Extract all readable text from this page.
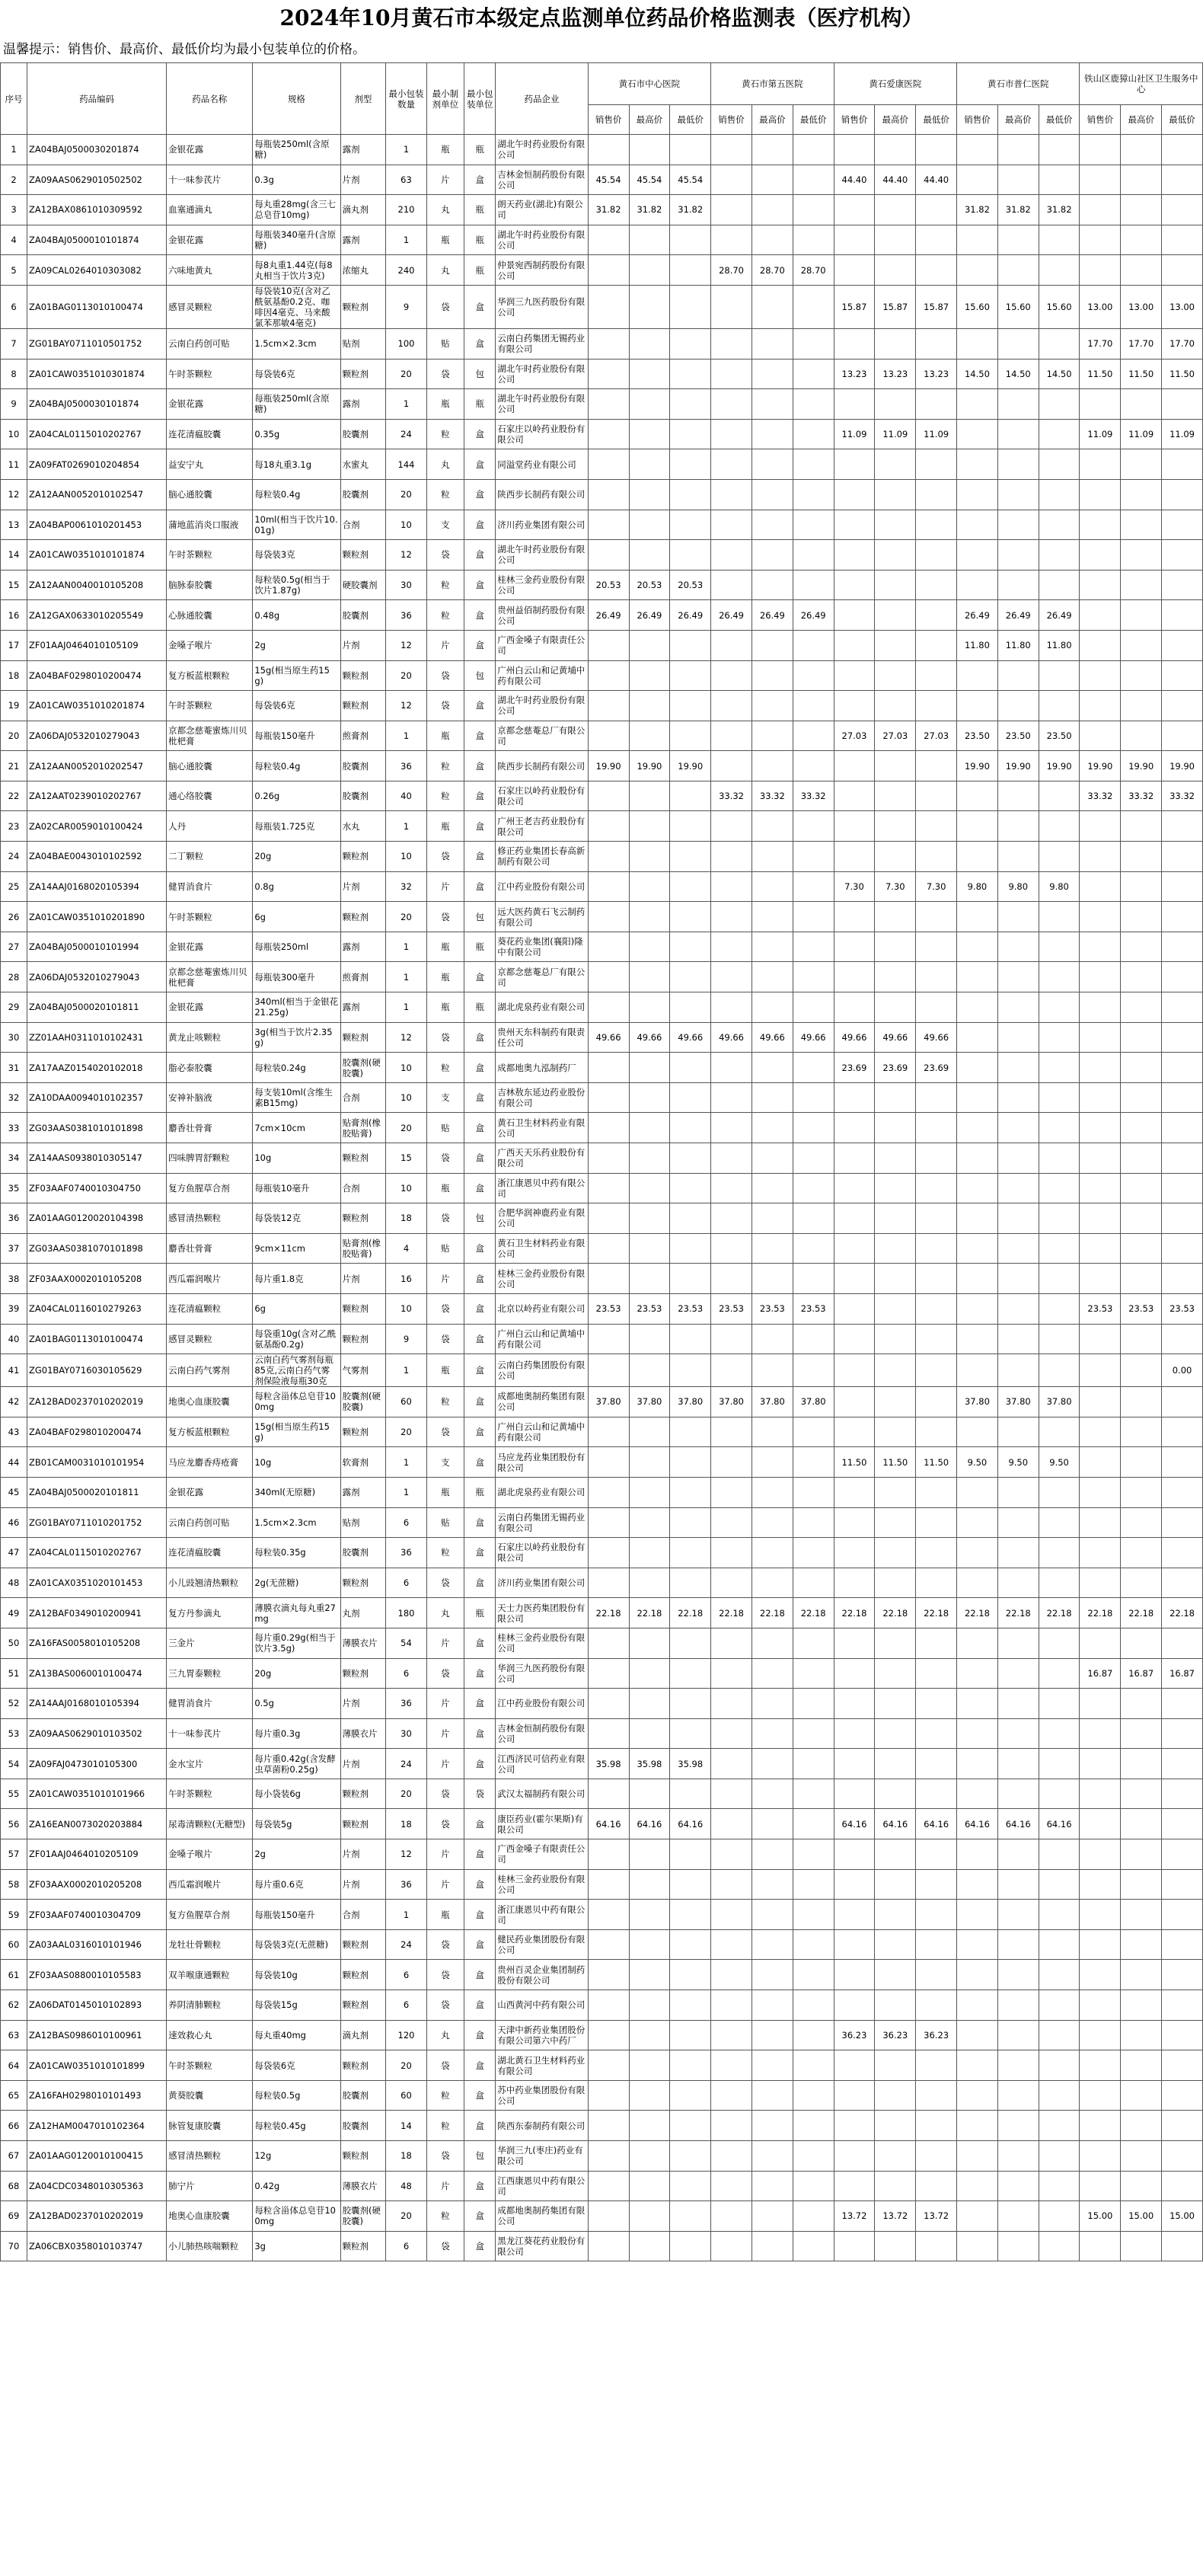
2024年10月黄石市本级定点监测单位药品价格监测表（医疗机构）
温馨提示：销售价、最高价、最低价均为最小包装单位的价格。
序号	药品编码	药品名称	规格	剂型	最小包装数量	最小制剂单位	最小包装单位	药品企业	黄石市中心医院			黄石市第五医院			黄石爱康医院			黄石市普仁医院			铁山区鹿獐山社区卫生服务中心		
									销售价	最高价	最低价	销售价	最高价	最低价	销售价	最高价	最低价	销售价	最高价	最低价	销售价	最高价	最低价
1	ZA04BAJ0500030201874	金银花露	每瓶装250ml(含原糖)	露剂	1	瓶	瓶	湖北午时药业股份有限公司															
2	ZA09AAS0629010502502	十一味参芪片	0.3g	片剂	63	片	盒	吉林金恒制药股份有限公司	45.54	45.54	45.54				44.40	44.40	44.40						
3	ZA12BAX0861010309592	血塞通滴丸	每丸重28mg(含三七总皂苷10mg)	滴丸剂	210	丸	瓶	朗天药业(湖北)有限公司	31.82	31.82	31.82							31.82	31.82	31.82			
4	ZA04BAJ0500010101874	金银花露	每瓶装340毫升(含原糖)	露剂	1	瓶	瓶	湖北午时药业股份有限公司															
5	ZA09CAL0264010303082	六味地黄丸	每8丸重1.44克(每8丸相当于饮片3克)	浓缩丸	240	丸	瓶	仲景宛西制药股份有限公司				28.70	28.70	28.70									
6	ZA01BAG0113010100474	感冒灵颗粒	每袋装10克(含对乙酰氨基酚0.2克、咖啡因4毫克、马来酸氯苯那敏4毫克)	颗粒剂	9	袋	盒	华润三九医药股份有限公司							15.87	15.87	15.87	15.60	15.60	15.60	13.00	13.00	13.00
7	ZG01BAY0711010501752	云南白药创可贴	1.5cm×2.3cm	贴剂	100	贴	盒	云南白药集团无锡药业有限公司													17.70	17.70	17.70
8	ZA01CAW0351010301874	午时茶颗粒	每袋装6克	颗粒剂	20	袋	包	湖北午时药业股份有限公司							13.23	13.23	13.23	14.50	14.50	14.50	11.50	11.50	11.50
9	ZA04BAJ0500030101874	金银花露	每瓶装250ml(含原糖)	露剂	1	瓶	瓶	湖北午时药业股份有限公司															
10	ZA04CAL0115010202767	连花清瘟胶囊	0.35g	胶囊剂	24	粒	盒	石家庄以岭药业股份有限公司							11.09	11.09	11.09				11.09	11.09	11.09
11	ZA09FAT0269010204854	益安宁丸	每18丸重3.1g	水蜜丸	144	丸	盒	同溢堂药业有限公司															
12	ZA12AAN0052010102547	脑心通胶囊	每粒装0.4g	胶囊剂	20	粒	盒	陕西步长制药有限公司															
13	ZA04BAP0061010201453	蒲地蓝消炎口服液	10ml(相当于饮片10.01g)	合剂	10	支	盒	济川药业集团有限公司															
14	ZA01CAW0351010101874	午时茶颗粒	每袋装3克	颗粒剂	12	袋	盒	湖北午时药业股份有限公司															
15	ZA12AAN0040010105208	脑脉泰胶囊	每粒装0.5g(相当于饮片1.87g)	硬胶囊剂	30	粒	盒	桂林三金药业股份有限公司	20.53	20.53	20.53												
16	ZA12GAX0633010205549	心脉通胶囊	0.48g	胶囊剂	36	粒	盒	贵州益佰制药股份有限公司	26.49	26.49	26.49	26.49	26.49	26.49				26.49	26.49	26.49			
17	ZF01AAJ0464010105109	金嗓子喉片	2g	片剂	12	片	盒	广西金嗓子有限责任公司										11.80	11.80	11.80			
18	ZA04BAF0298010200474	复方板蓝根颗粒	15g(相当原生药15g)	颗粒剂	20	袋	包	广州白云山和记黄埔中药有限公司															
19	ZA01CAW0351010201874	午时茶颗粒	每袋装6克	颗粒剂	12	袋	盒	湖北午时药业股份有限公司															
20	ZA06DAJ0532010279043	京都念慈菴蜜炼川贝枇杷膏	每瓶装150毫升	煎膏剂	1	瓶	盒	京都念慈菴总厂有限公司							27.03	27.03	27.03	23.50	23.50	23.50			
21	ZA12AAN0052010202547	脑心通胶囊	每粒装0.4g	胶囊剂	36	粒	盒	陕西步长制药有限公司	19.90	19.90	19.90							19.90	19.90	19.90	19.90	19.90	19.90
22	ZA12AAT0239010202767	通心络胶囊	0.26g	胶囊剂	40	粒	盒	石家庄以岭药业股份有限公司				33.32	33.32	33.32							33.32	33.32	33.32
23	ZA02CAR0059010100424	人丹	每瓶装1.725克	水丸	1	瓶	盒	广州王老吉药业股份有限公司															
24	ZA04BAE0043010102592	二丁颗粒	20g	颗粒剂	10	袋	盒	修正药业集团长春高新制药有限公司															
25	ZA14AAJ0168020105394	健胃消食片	0.8g	片剂	32	片	盒	江中药业股份有限公司							7.30	7.30	7.30	9.80	9.80	9.80			
26	ZA01CAW0351010201890	午时茶颗粒	6g	颗粒剂	20	袋	包	远大医药黄石飞云制药有限公司															
27	ZA04BAJ0500010101994	金银花露	每瓶装250ml	露剂	1	瓶	瓶	葵花药业集团(襄阳)隆中有限公司															
28	ZA06DAJ0532010279043	京都念慈菴蜜炼川贝枇杷膏	每瓶装300毫升	煎膏剂	1	瓶	盒	京都念慈菴总厂有限公司															
29	ZA04BAJ0500020101811	金银花露	340ml(相当于金银花21.25g)	露剂	1	瓶	瓶	湖北虎泉药业有限公司															
30	ZZ01AAH0311010102431	黄龙止咳颗粒	3g(相当于饮片2.35g)	颗粒剂	12	袋	盒	贵州天东科制药有限责任公司	49.66	49.66	49.66	49.66	49.66	49.66	49.66	49.66	49.66						
31	ZA17AAZ0154020102018	脂必泰胶囊	每粒装0.24g	胶囊剂(硬胶囊)	10	粒	盒	成都地奥九泓制药厂							23.69	23.69	23.69						
32	ZA10DAA0094010102357	安神补脑液	每支装10ml(含维生素B15mg)	合剂	10	支	盒	吉林敖东延边药业股份有限公司															
33	ZG03AAS0381010101898	麝香壮骨膏	7cm×10cm	贴膏剂(橡胶贴膏)	20	贴	盒	黄石卫生材料药业有限公司															
34	ZA14AAS0938010305147	四味脾胃舒颗粒	10g	颗粒剂	15	袋	盒	广西天天乐药业股份有限公司															
35	ZF03AAF0740010304750	复方鱼腥草合剂	每瓶装10毫升	合剂	10	瓶	盒	浙江康恩贝中药有限公司															
36	ZA01AAG0120020104398	感冒清热颗粒	每袋装12克	颗粒剂	18	袋	包	合肥华润神鹿药业有限公司															
37	ZG03AAS0381070101898	麝香壮骨膏	9cm×11cm	贴膏剂(橡胶贴膏)	4	贴	盒	黄石卫生材料药业有限公司															
38	ZF03AAX0002010105208	西瓜霜润喉片	每片重1.8克	片剂	16	片	盒	桂林三金药业股份有限公司															
39	ZA04CAL0116010279263	连花清瘟颗粒	6g	颗粒剂	10	袋	盒	北京以岭药业有限公司	23.53	23.53	23.53	23.53	23.53	23.53							23.53	23.53	23.53
40	ZA01BAG0113010100474	感冒灵颗粒	每袋重10g(含对乙酰氨基酚0.2g)	颗粒剂	9	袋	盒	广州白云山和记黄埔中药有限公司															
41	ZG01BAY0716030105629	云南白药气雾剂	云南白药气雾剂每瓶85克,云南白药气雾剂保险液每瓶30克	气雾剂	1	瓶	盒	云南白药集团股份有限公司															0.00
42	ZA12BAD0237010202019	地奥心血康胶囊	每粒含甾体总皂苷100mg	胶囊剂(硬胶囊)	60	粒	盒	成都地奥制药集团有限公司	37.80	37.80	37.80	37.80	37.80	37.80				37.80	37.80	37.80			
43	ZA04BAF0298010200474	复方板蓝根颗粒	15g(相当原生药15g)	颗粒剂	20	袋	盒	广州白云山和记黄埔中药有限公司															
44	ZB01CAM0031010101954	马应龙麝香痔疮膏	10g	软膏剂	1	支	盒	马应龙药业集团股份有限公司							11.50	11.50	11.50	9.50	9.50	9.50			
45	ZA04BAJ0500020101811	金银花露	340ml(无原糖)	露剂	1	瓶	瓶	湖北虎泉药业有限公司															
46	ZG01BAY0711010201752	云南白药创可贴	1.5cm×2.3cm	贴剂	6	贴	盒	云南白药集团无锡药业有限公司															
47	ZA04CAL0115010202767	连花清瘟胶囊	每粒装0.35g	胶囊剂	36	粒	盒	石家庄以岭药业股份有限公司															
48	ZA01CAX0351020101453	小儿豉翘清热颗粒	2g(无蔗糖)	颗粒剂	6	袋	盒	济川药业集团有限公司															
49	ZA12BAF0349010200941	复方丹参滴丸	薄膜衣滴丸每丸重27mg	丸剂	180	丸	瓶	天士力医药集团股份有限公司	22.18	22.18	22.18	22.18	22.18	22.18	22.18	22.18	22.18	22.18	22.18	22.18	22.18	22.18	22.18
50	ZA16FAS0058010105208	三金片	每片重0.29g(相当于饮片3.5g)	薄膜衣片	54	片	盒	桂林三金药业股份有限公司															
51	ZA13BAS0060010100474	三九胃泰颗粒	20g	颗粒剂	6	袋	盒	华润三九医药股份有限公司													16.87	16.87	16.87
52	ZA14AAJ0168010105394	健胃消食片	0.5g	片剂	36	片	盒	江中药业股份有限公司															
53	ZA09AAS0629010103502	十一味参芪片	每片重0.3g	薄膜衣片	30	片	盒	吉林金恒制药股份有限公司															
54	ZA09FAJ0473010105300	金水宝片	每片重0.42g(含发酵虫草菌粉0.25g)	片剂	24	片	盒	江西济民可信药业有限公司	35.98	35.98	35.98												
55	ZA01CAW0351010101966	午时茶颗粒	每小袋装6g	颗粒剂	20	袋	袋	武汉太福制药有限公司															
56	ZA16EAN0073020203884	尿毒清颗粒(无糖型)	每袋装5g	颗粒剂	18	袋	盒	康臣药业(霍尔果斯)有限公司	64.16	64.16	64.16				64.16	64.16	64.16	64.16	64.16	64.16			
57	ZF01AAJ0464010205109	金嗓子喉片	2g	片剂	12	片	盒	广西金嗓子有限责任公司															
58	ZF03AAX0002010205208	西瓜霜润喉片	每片重0.6克	片剂	36	片	盒	桂林三金药业股份有限公司															
59	ZF03AAF0740010304709	复方鱼腥草合剂	每瓶装150毫升	合剂	1	瓶	盒	浙江康恩贝中药有限公司															
60	ZA03AAL0316010101946	龙牡壮骨颗粒	每袋装3克(无蔗糖)	颗粒剂	24	袋	盒	健民药业集团股份有限公司															
61	ZF03AAS0880010105583	双羊喉康通颗粒	每袋装10g	颗粒剂	6	袋	盒	贵州百灵企业集团制药股份有限公司															
62	ZA06DAT0145010102893	养阴清肺颗粒	每袋装15g	颗粒剂	6	袋	盒	山西黄河中药有限公司															
63	ZA12BAS0986010100961	速效救心丸	每丸重40mg	滴丸剂	120	丸	盒	天津中新药业集团股份有限公司第六中药厂							36.23	36.23	36.23						
64	ZA01CAW0351010101899	午时茶颗粒	每袋装6克	颗粒剂	20	袋	盒	湖北黄石卫生材料药业有限公司															
65	ZA16FAH0298010101493	黄葵胶囊	每粒装0.5g	胶囊剂	60	粒	盒	苏中药业集团股份有限公司															
66	ZA12HAM0047010102364	脉管复康胶囊	每粒装0.45g	胶囊剂	14	粒	盒	陕西东泰制药有限公司															
67	ZA01AAG0120010100415	感冒清热颗粒	12g	颗粒剂	18	袋	包	华润三九(枣庄)药业有限公司															
68	ZA04CDC0348010305363	肺宁片	0.42g	薄膜衣片	48	片	盒	江西康恩贝中药有限公司															
69	ZA12BAD0237010202019	地奥心血康胶囊	每粒含甾体总皂苷100mg	胶囊剂(硬胶囊)	20	粒	盒	成都地奥制药集团有限公司							13.72	13.72	13.72				15.00	15.00	15.00
70	ZA06CBX0358010103747	小儿肺热咳喘颗粒	3g	颗粒剂	6	袋	盒	黑龙江葵花药业股份有限公司															
